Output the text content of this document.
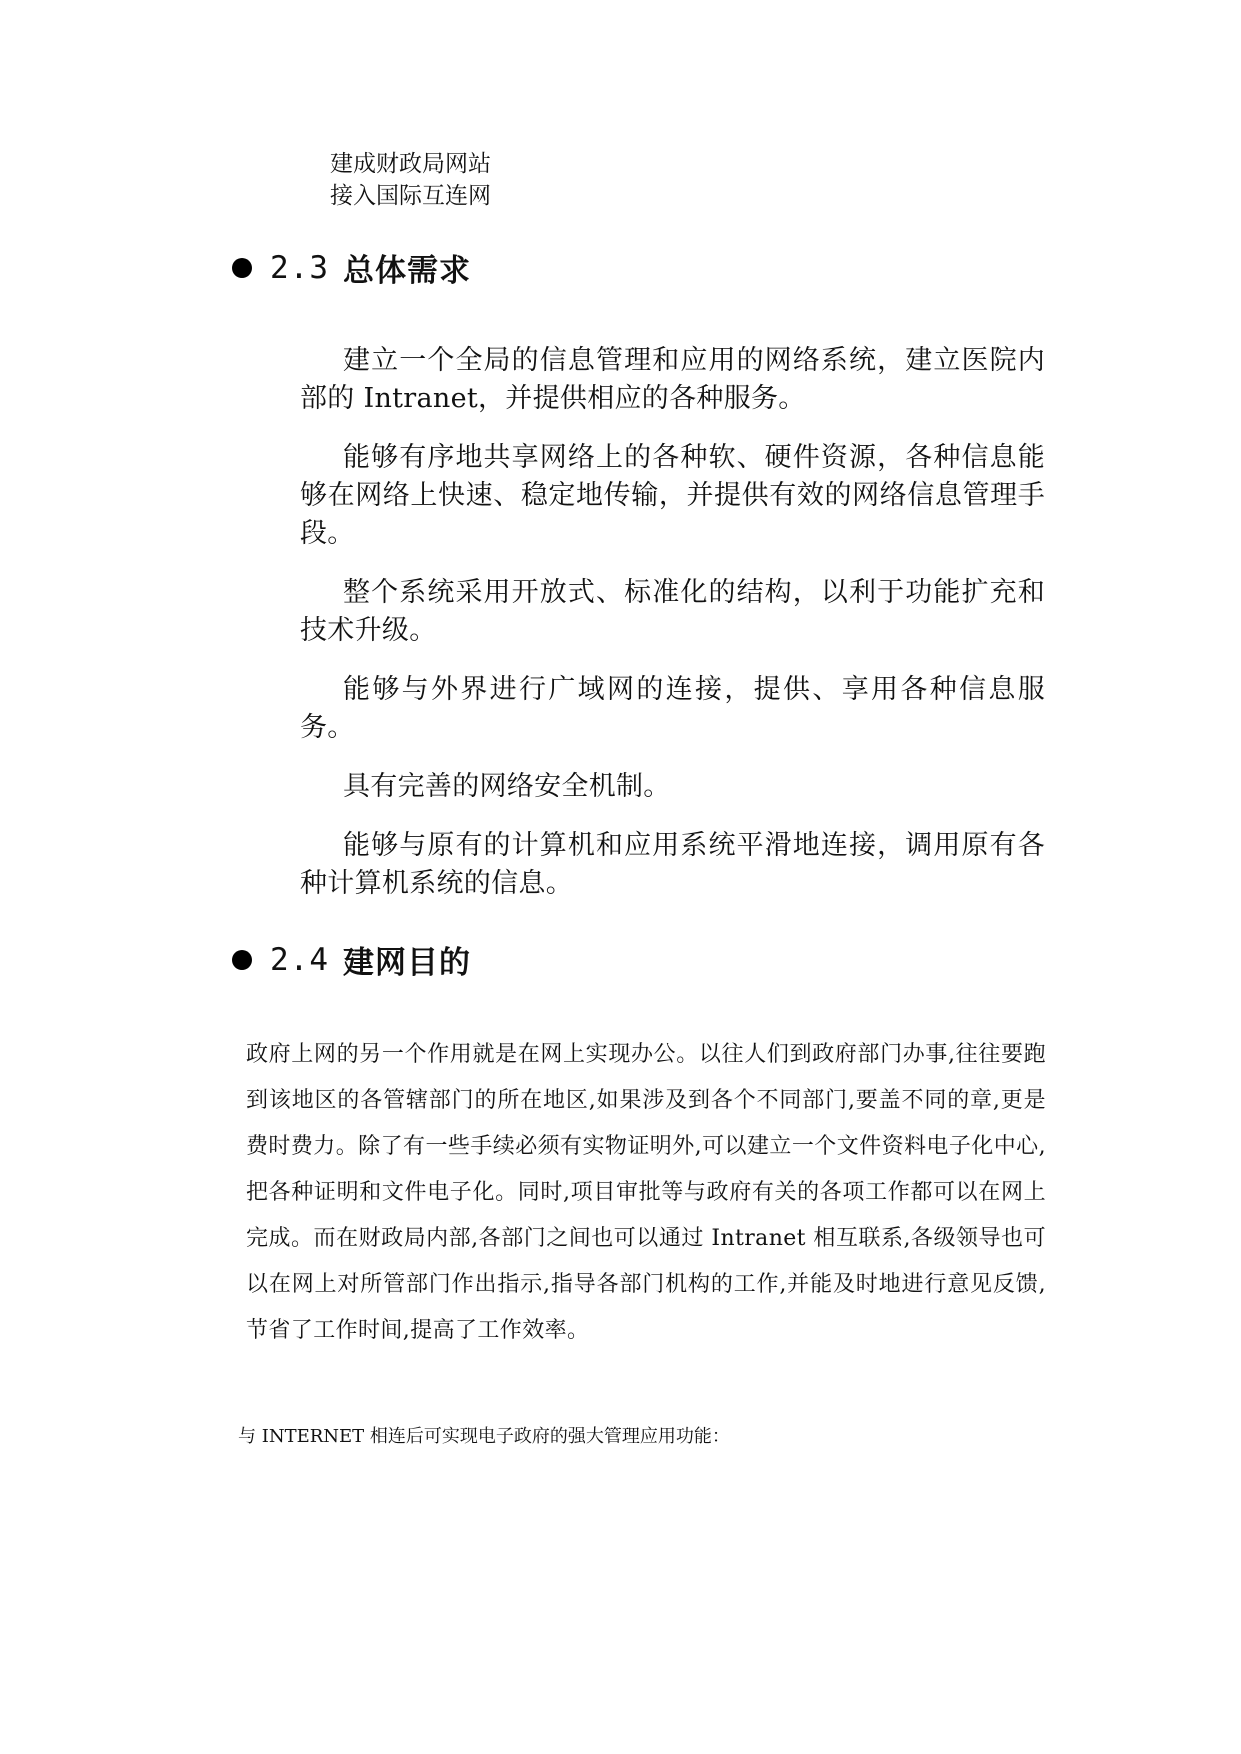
建成财政局网站
接入国际互连网
2.3 总体需求

建立一个全局的信息管理和应用的网络系统，建立医院内部的 Intranet，并提供相应的各种服务。

能够有序地共享网络上的各种软、硬件资源，各种信息能够在网络上快速、稳定地传输，并提供有效的网络信息管理手段。

整个系统采用开放式、标准化的结构，以利于功能扩充和技术升级。

能够与外界进行广域网的连接，提供、享用各种信息服务。

具有完善的网络安全机制。

能够与原有的计算机和应用系统平滑地连接，调用原有各种计算机系统的信息。

2.4 建网目的

政府上网的另一个作用就是在网上实现办公。以往人们到政府部门办事,往往要跑到该地区的各管辖部门的所在地区,如果涉及到各个不同部门,要盖不同的章,更是费时费力。除了有一些手续必须有实物证明外,可以建立一个文件资料电子化中心,把各种证明和文件电子化。同时,项目审批等与政府有关的各项工作都可以在网上完成。而在财政局内部,各部门之间也可以通过 Intranet 相互联系,各级领导也可以在网上对所管部门作出指示,指导各部门机构的工作,并能及时地进行意见反馈,节省了工作时间,提高了工作效率。

与 INTERNET 相连后可实现电子政府的强大管理应用功能：
